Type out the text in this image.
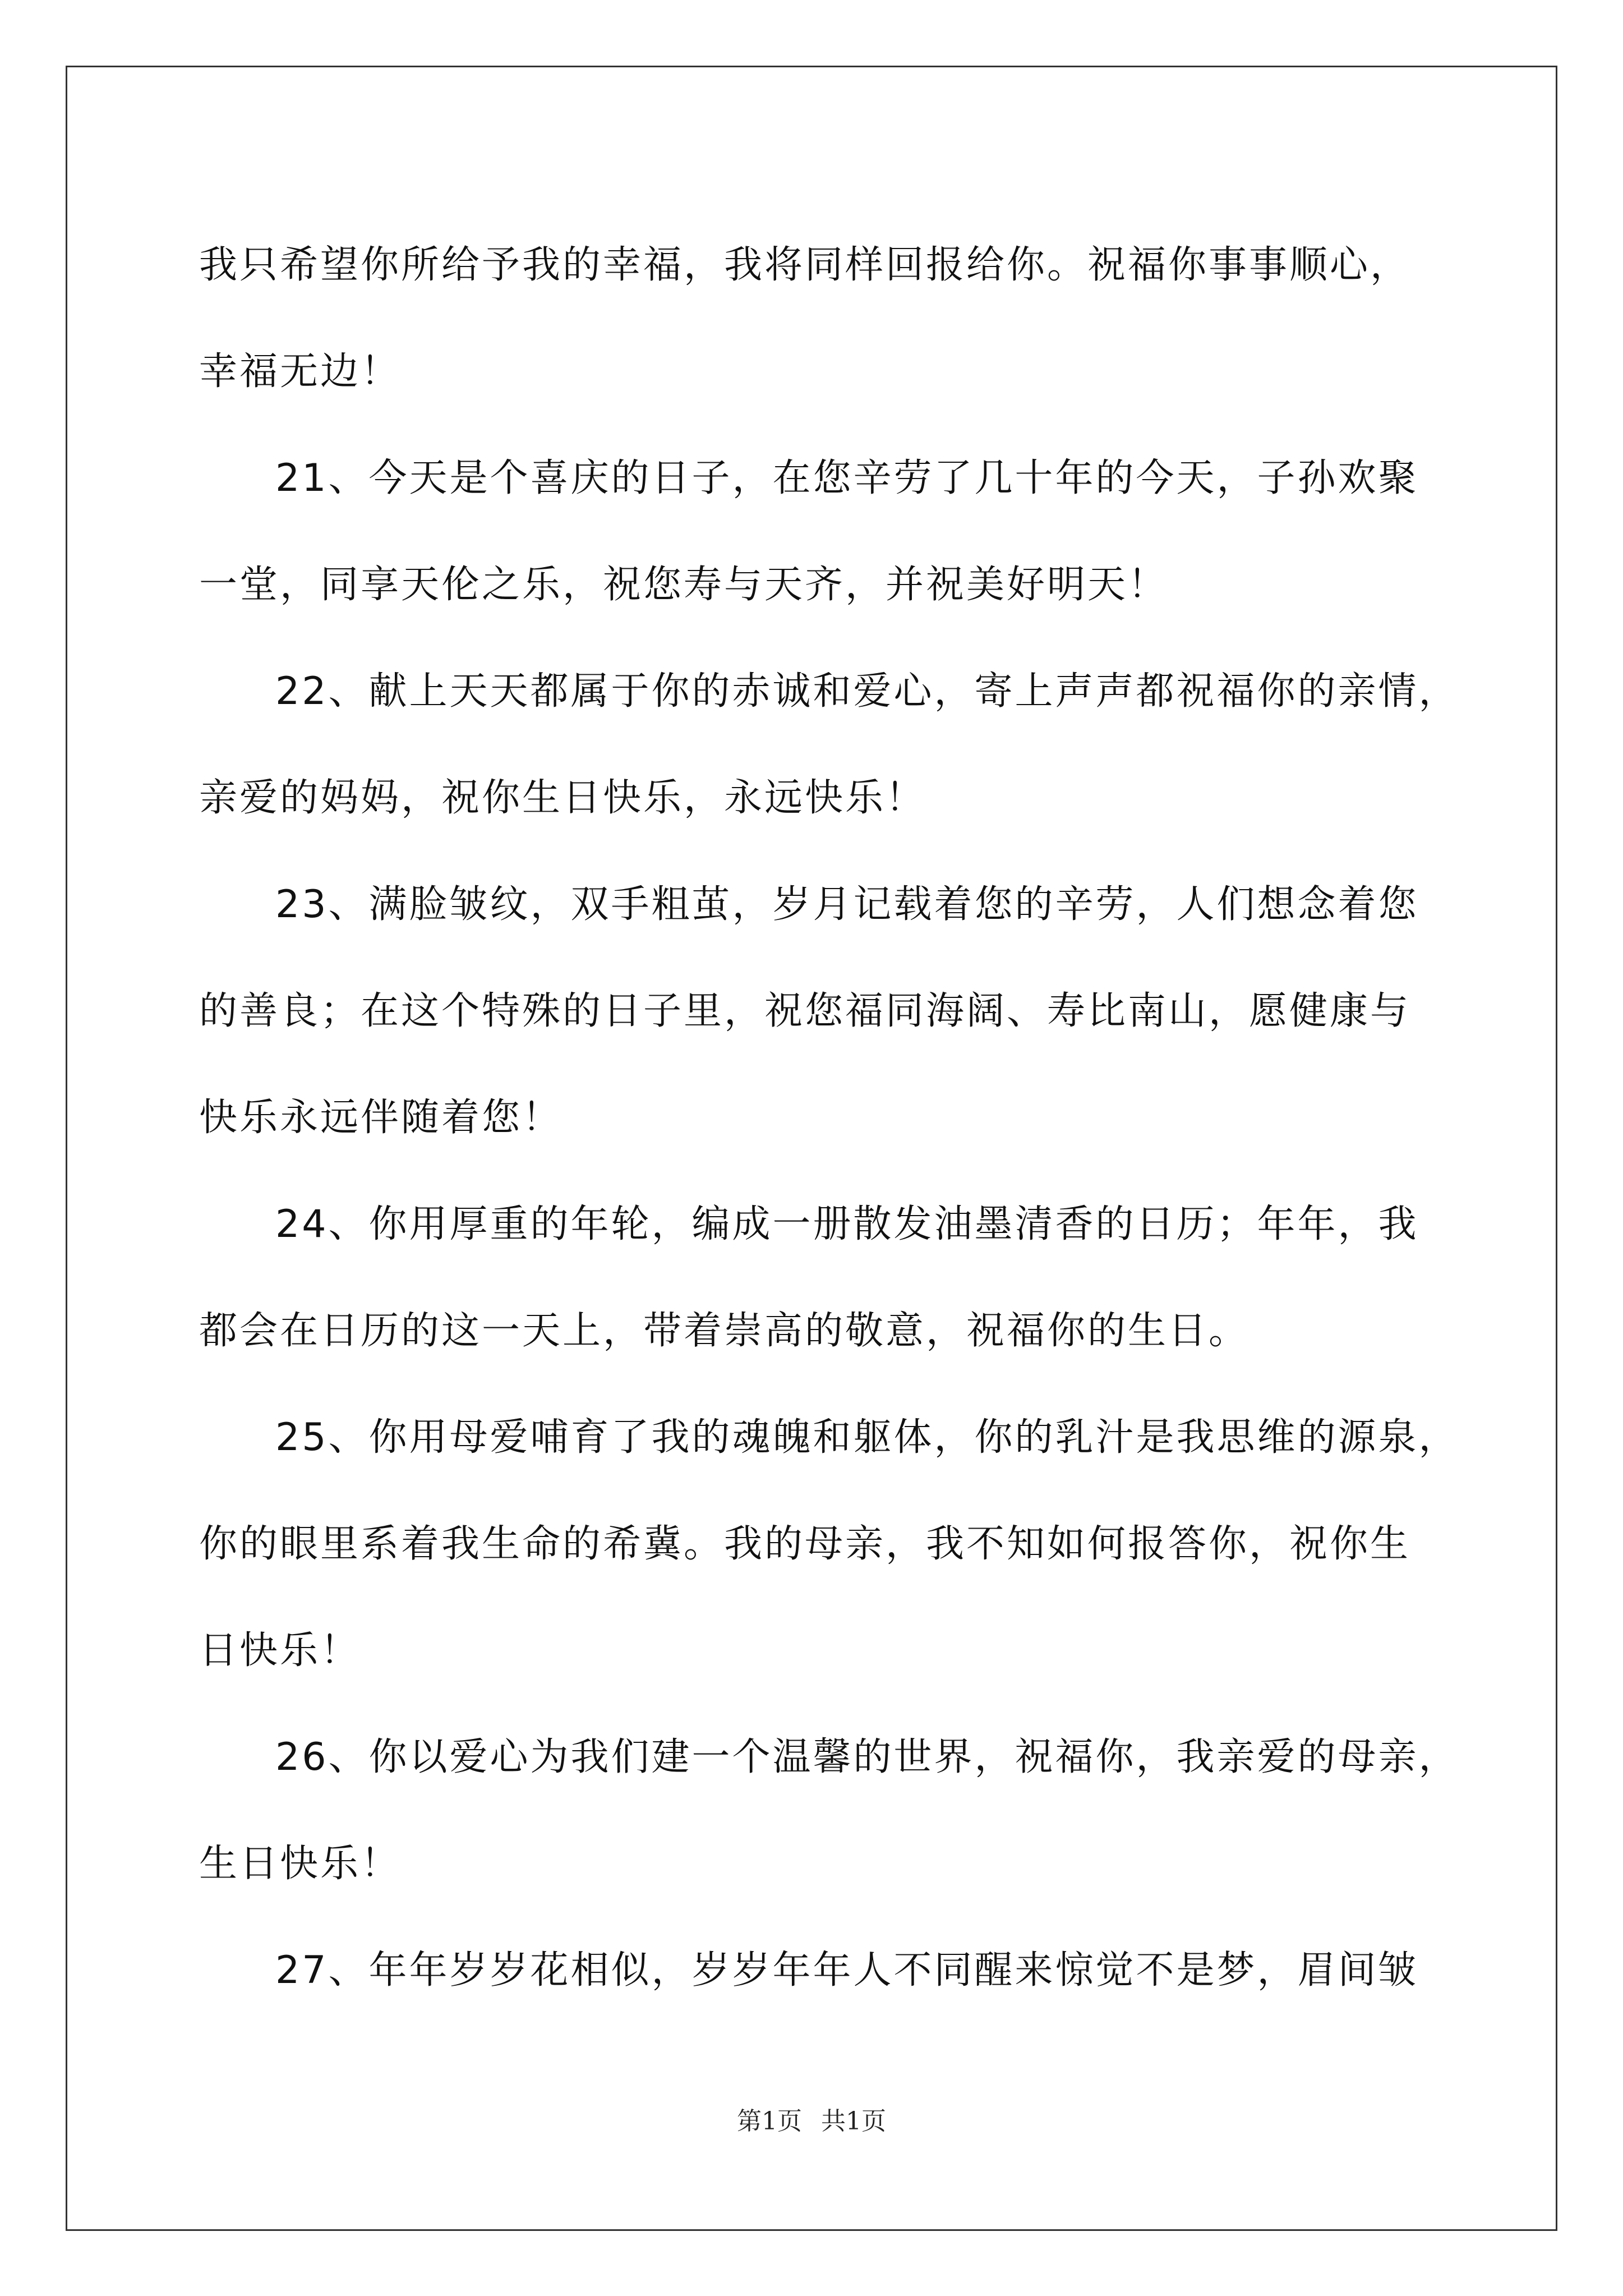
我只希望你所给予我的幸福，我将同样回报给你。祝福你事事顺心，
幸福无边！
21、今天是个喜庆的日子，在您辛劳了几十年的今天，子孙欢聚
一堂，同享天伦之乐，祝您寿与天齐，并祝美好明天！
22、献上天天都属于你的赤诚和爱心，寄上声声都祝福你的亲情，
亲爱的妈妈，祝你生日快乐，永远快乐！
23、满脸皱纹，双手粗茧，岁月记载着您的辛劳，人们想念着您
的善良；在这个特殊的日子里，祝您福同海阔、寿比南山，愿健康与
快乐永远伴随着您！
24、你用厚重的年轮，编成一册散发油墨清香的日历；年年，我
都会在日历的这一天上，带着崇高的敬意，祝福你的生日。
25、你用母爱哺育了我的魂魄和躯体，你的乳汁是我思维的源泉，
你的眼里系着我生命的希冀。我的母亲，我不知如何报答你，祝你生
日快乐！
26、你以爱心为我们建一个温馨的世界，祝福你，我亲爱的母亲，
生日快乐！
27、年年岁岁花相似，岁岁年年人不同醒来惊觉不是梦，眉间皱
第1页 共1页
